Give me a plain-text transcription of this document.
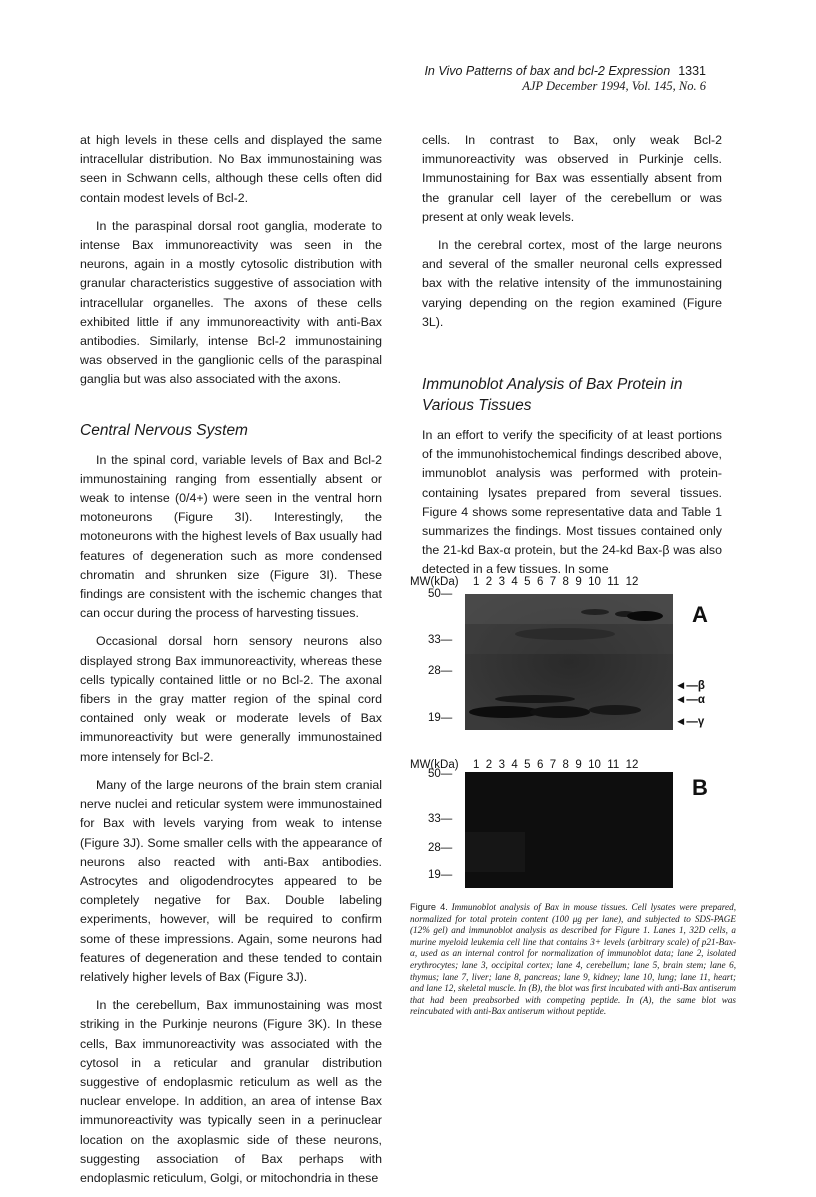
In Vivo Patterns of bax and bcl-2 Expression 1331
AJP December 1994, Vol. 145, No. 6

at high levels in these cells and displayed the same intracellular distribution. No Bax immunostaining was seen in Schwann cells, although these cells often did contain modest levels of Bcl-2.

In the paraspinal dorsal root ganglia, moderate to intense Bax immunoreactivity was seen in the neurons, again in a mostly cytosolic distribution with granular characteristics suggestive of association with intracellular organelles. The axons of these cells exhibited little if any immunoreactivity with anti-Bax antibodies. Similarly, intense Bcl-2 immunostaining was observed in the ganglionic cells of the paraspinal ganglia but was also associated with the axons.

Central Nervous System

In the spinal cord, variable levels of Bax and Bcl-2 immunostaining ranging from essentially absent or weak to intense (0/4+) were seen in the ventral horn motoneurons (Figure 3I). Interestingly, the motoneurons with the highest levels of Bax usually had features of degeneration such as more condensed chromatin and shrunken size (Figure 3I). These findings are consistent with the ischemic changes that can occur during the process of harvesting tissues.

Occasional dorsal horn sensory neurons also displayed strong Bax immunoreactivity, whereas these cells typically contained little or no Bcl-2. The axonal fibers in the gray matter region of the spinal cord contained only weak or moderate levels of Bax immunoreactivity but were generally immunostained more intensely for Bcl-2.

Many of the large neurons of the brain stem cranial nerve nuclei and reticular system were immunostained for Bax with levels varying from weak to intense (Figure 3J). Some smaller cells with the appearance of neurons also reacted with anti-Bax antibodies. Astrocytes and oligodendrocytes appeared to be completely negative for Bax. Double labeling experiments, however, will be required to confirm some of these impressions. Again, some neurons had features of degeneration and these tended to contain relatively higher levels of Bax (Figure 3J).

In the cerebellum, Bax immunostaining was most striking in the Purkinje neurons (Figure 3K). In these cells, Bax immunoreactivity was associated with the cytosol in a reticular and granular distribution suggestive of endoplasmic reticulum as well as the nuclear envelope. In addition, an area of intense Bax immunoreactivity was typically seen in a perinuclear location on the axoplasmic side of these neurons, suggesting association of Bax perhaps with endoplasmic reticulum, Golgi, or mitochondria in these

cells. In contrast to Bax, only weak Bcl-2 immunoreactivity was observed in Purkinje cells. Immunostaining for Bax was essentially absent from the granular cell layer of the cerebellum or was present at only weak levels.

In the cerebral cortex, most of the large neurons and several of the smaller neuronal cells expressed bax with the relative intensity of the immunostaining varying depending on the region examined (Figure 3L).

Immunoblot Analysis of Bax Protein in Various Tissues

In an effort to verify the specificity of at least portions of the immunohistochemical findings described above, immunoblot analysis was performed with protein-containing lysates prepared from several tissues. Figure 4 shows some representative data and Table 1 summarizes the findings. Most tissues contained only the 21-kd Bax-α protein, but the 24-kd Bax-β was also detected in a few tissues. In some

MW(kDa) 1 2 3 4 5 6 7 8 9 10 11 12
A
50—
33—
28—
19—
◄—β
◄—α
◄—γ
MW(kDa) 1 2 3 4 5 6 7 8 9 10 11 12
B
50—
33—
28—
19—
Figure 4. Immunoblot analysis of Bax in mouse tissues. Cell lysates were prepared, normalized for total protein content (100 μg per lane), and subjected to SDS-PAGE (12% gel) and immunoblot analysis as described for Figure 1. Lanes 1, 32D cells, a murine myeloid leukemia cell line that contains 3+ levels (arbitrary scale) of p21-Bax-α, used as an internal control for normalization of immunoblot data; lane 2, isolated erythrocytes; lane 3, occipital cortex; lane 4, cerebellum; lane 5, brain stem; lane 6, thymus; lane 7, liver; lane 8, pancreas; lane 9, kidney; lane 10, lung; lane 11, heart; and lane 12, skeletal muscle. In (B), the blot was first incubated with anti-Bax antiserum that had been preabsorbed with competing peptide. In (A), the same blot was reincubated with anti-Bax antiserum without peptide.
